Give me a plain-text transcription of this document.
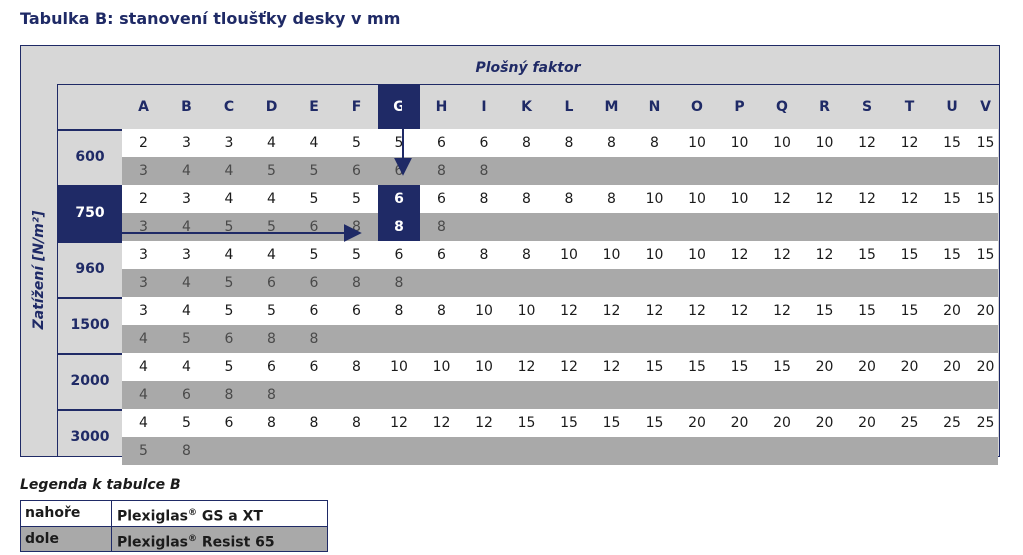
Tabulka B: stanovení tloušťky desky v mm
Plošný faktor
Zatížení [N/m²]
A	B	C	D	E	F	G	H	I	K	L	M	N	O	P	Q	R	S	T	U	V
600
2	3	3	4	4	5	5	6	6	8	8	8	8	10	10	10	10	12	12	15	15
3	4	4	5	5	6	6	8	8
750
2	3	4	4	5	5	6	6	8	8	8	8	10	10	10	12	12	12	12	15	15
3	4	5	5	6	8	8	8
960
3	3	4	4	5	5	6	6	8	8	10	10	10	10	12	12	12	15	15	15	15
3	4	5	6	6	8	8
1500
3	4	5	5	6	6	8	8	10	10	12	12	12	12	12	12	15	15	15	20	20
4	5	6	8	8
2000
4	4	5	6	6	8	10	10	10	12	12	12	15	15	15	15	20	20	20	20	20
4	6	8	8
3000
4	5	6	8	8	8	12	12	12	15	15	15	15	20	20	20	20	20	25	25	25
5	8
Legenda k tabulce B
nahoře	Plexiglas® GS a XT
dole	Plexiglas® Resist 65
